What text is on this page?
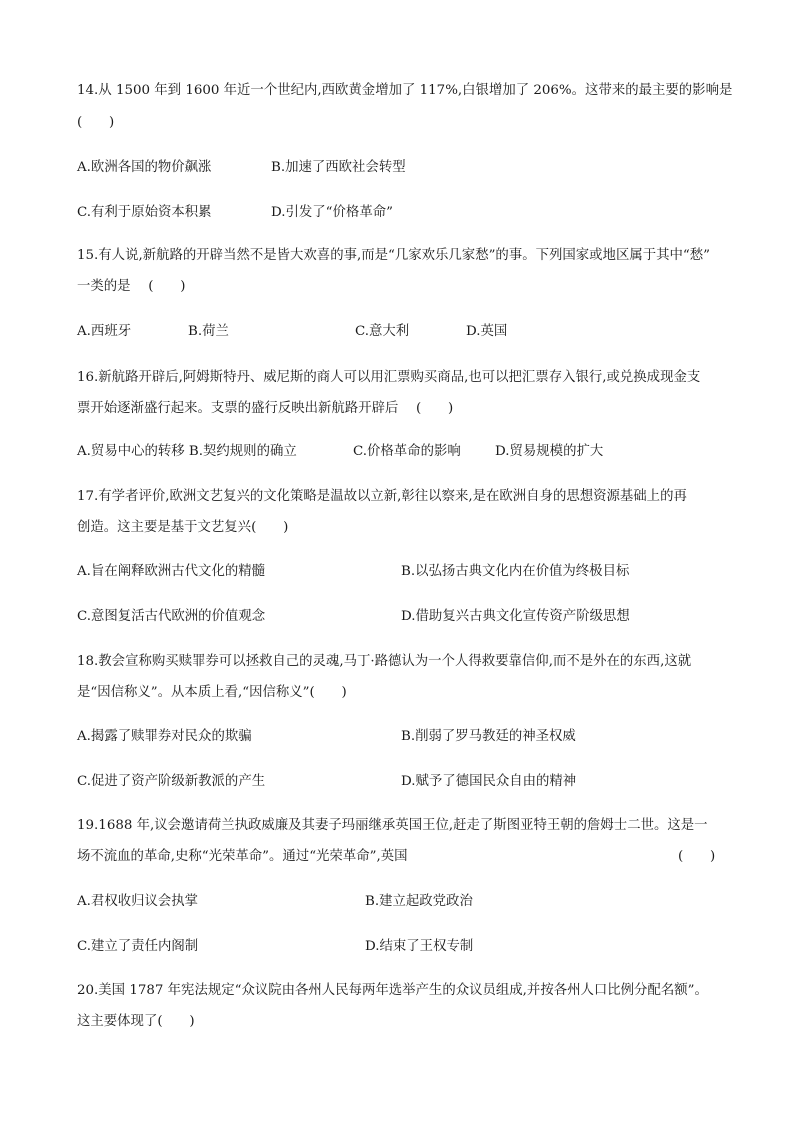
14.从 1500 年到 1600 年近一个世纪内,西欧黄金增加了 117%,白银增加了 206%。这带来的最主要的影响是
(　　)
A.欧洲各国的物价飙涨	B.加速了西欧社会转型
C.有利于原始资本积累	D.引发了“价格革命”
15.有人说,新航路的开辟当然不是皆大欢喜的事,而是“几家欢乐几家愁”的事。下列国家或地区属于其中“愁”
一类的是　 (　　)
A.西班牙	B.荷兰	C.意大利	D.英国
16.新航路开辟后,阿姆斯特丹、威尼斯的商人可以用汇票购买商品,也可以把汇票存入银行,或兑换成现金支
票开始逐渐盛行起来。支票的盛行反映出新航路开辟后　 (　　)
A.贸易中心的转移 B.契约规则的确立	C.价格革命的影响	D.贸易规模的扩大
17.有学者评价,欧洲文艺复兴的文化策略是温故以立新,彰往以察来,是在欧洲自身的思想资源基础上的再
创造。这主要是基于文艺复兴(　　)
A.旨在阐释欧洲古代文化的精髓	B.以弘扬古典文化内在价值为终极目标
C.意图复活古代欧洲的价值观念	D.借助复兴古典文化宣传资产阶级思想
18.教会宣称购买赎罪券可以拯救自己的灵魂,马丁·路德认为一个人得救要靠信仰,而不是外在的东西,这就
是“因信称义”。从本质上看,“因信称义”(　　)
A.揭露了赎罪券对民众的欺骗	B.削弱了罗马教廷的神圣权威
C.促进了资产阶级新教派的产生	D.赋予了德国民众自由的精神
19.1688 年,议会邀请荷兰执政威廉及其妻子玛丽继承英国王位,赶走了斯图亚特王朝的詹姆士二世。这是一
场不流血的革命,史称“光荣革命”。通过“光荣革命”,英国	(　　)
A.君权收归议会执掌	B.建立起政党政治
C.建立了责任内阁制	D.结束了王权专制
20.美国 1787 年宪法规定“众议院由各州人民每两年选举产生的众议员组成,并按各州人口比例分配名额”。
这主要体现了(　　)
